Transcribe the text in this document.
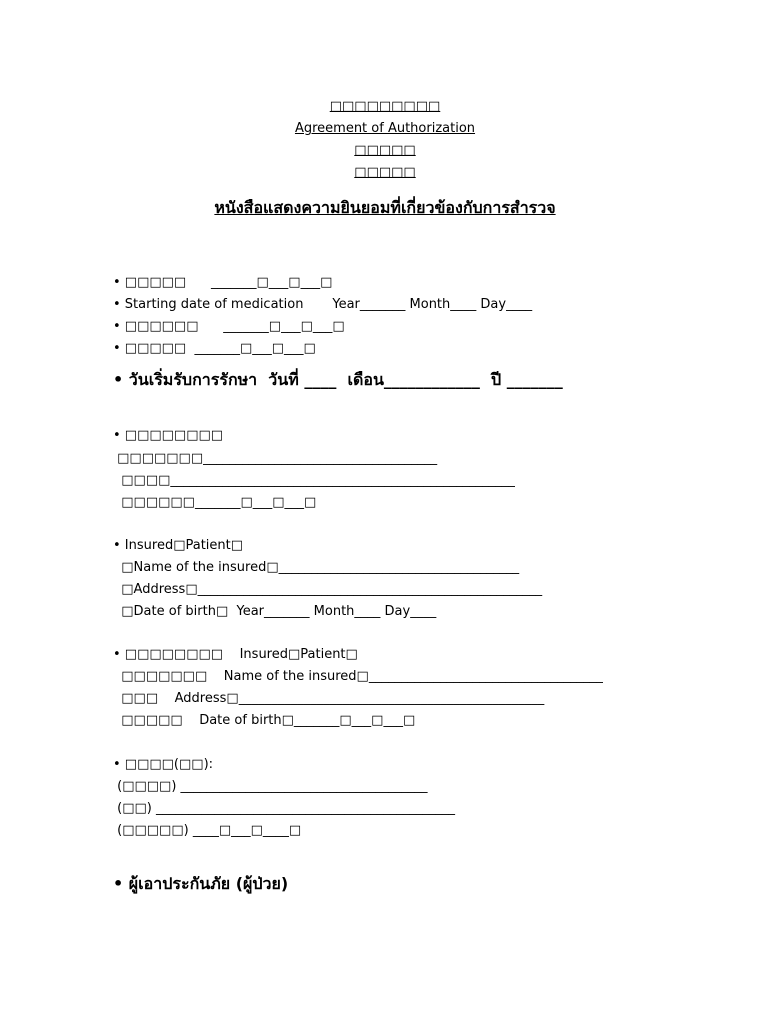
□□□□□□□□□
Agreement of Authorization
□□□□□
□□□□□
หนังสือแสดงความยินยอมที่เกี่ยวข้องกับการสำรวจ
• □□□□□      _______□___□___□
• Starting date of medication       Year_______ Month____ Day____
• □□□□□□      _______□___□___□
• □□□□□  _______□___□___□
• วันเริ่มรับการรักษา  วันที่ ____  เดือน____________  ปี _______
• □□□□□□□□
□□□□□□□____________________________________
□□□□_____________________________________________________
□□□□□□_______□___□___□
• Insured□Patient□
□Name of the insured□_____________________________________
□Address□_____________________________________________________
□Date of birth□  Year_______ Month____ Day____
• □□□□□□□□    Insured□Patient□
□□□□□□□    Name of the insured□____________________________________
□□□    Address□_______________________________________________
□□□□□    Date of birth□_______□___□___□
• □□□□(□□):
(□□□□) ______________________________________
(□□) ______________________________________________
(□□□□□) ____□___□____□
• ผู้เอาประกันภัย (ผู้ป่วย)
